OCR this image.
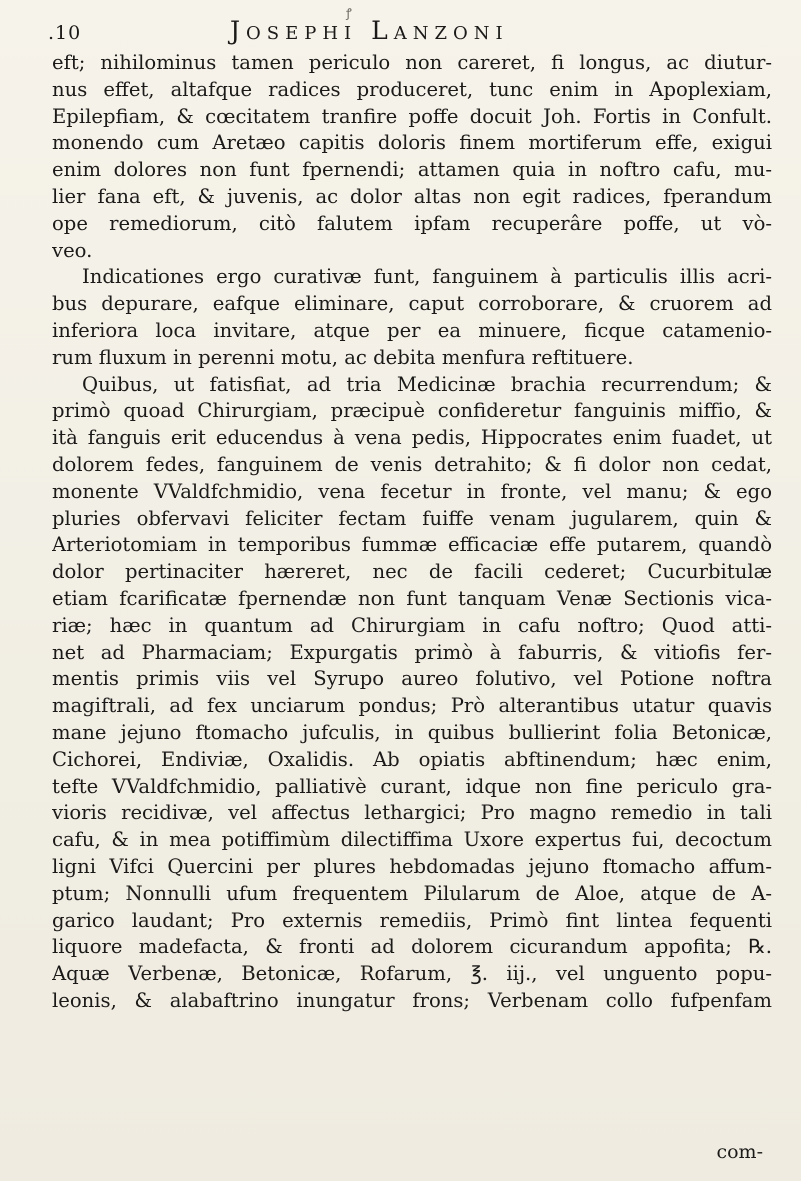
.10
ꝭ
Josephi Lanzoni
eft; nihilominus tamen periculo non careret, fi longus, ac diutur-
nus effet, altafque radices produceret, tunc enim in Apoplexiam,
Epilepfiam, & cœcitatem tranfire poffe docuit Joh. Fortis in Confult.
monendo cum Aretæo capitis doloris finem mortiferum effe, exigui
enim dolores non funt fpernendi; attamen quia in noftro cafu, mu-
lier fana eft, & juvenis, ac dolor altas non egit radices, fperandum
ope remediorum, citò falutem ipfam recuperâre poffe, ut vò-
veo.
Indicationes ergo curativæ funt, fanguinem à particulis illis acri-
bus depurare, eafque eliminare, caput corroborare, & cruorem ad
inferiora loca invitare, atque per ea minuere, ficque catamenio-
rum fluxum in perenni motu, ac debita menfura reftituere.
Quibus, ut fatisfiat, ad tria Medicinæ brachia recurrendum; &
primò quoad Chirurgiam, præcipuè confideretur fanguinis miffio, &
ità fanguis erit educendus à vena pedis, Hippocrates enim fuadet, ut
dolorem fedes, fanguinem de venis detrahito; & fi dolor non cedat,
monente VValdfchmidio, vena fecetur in fronte, vel manu; & ego
pluries obfervavi feliciter fectam fuiffe venam jugularem, quin &
Arteriotomiam in temporibus fummæ efficaciæ effe putarem, quandò
dolor pertinaciter hæreret, nec de facili cederet; Cucurbitulæ
etiam fcarificatæ fpernendæ non funt tanquam Venæ Sectionis vica-
riæ; hæc in quantum ad Chirurgiam in cafu noftro; Quod atti-
net ad Pharmaciam; Expurgatis primò à faburris, & vitiofis fer-
mentis primis viis vel Syrupo aureo folutivo, vel Potione noftra
magiftrali, ad fex unciarum pondus; Prò alterantibus utatur quavis
mane jejuno ftomacho jufculis, in quibus bullierint folia Betonicæ,
Cichorei, Endiviæ, Oxalidis. Ab opiatis abftinendum; hæc enim,
tefte VValdfchmidio, palliativè curant, idque non fine periculo gra-
vioris recidivæ, vel affectus lethargici; Pro magno remedio in tali
cafu, & in mea potiffimùm dilectiffima Uxore expertus fui, decoctum
ligni Vifci Quercini per plures hebdomadas jejuno ftomacho affum-
ptum; Nonnulli ufum frequentem Pilularum de Aloe, atque de A-
garico laudant; Pro externis remediis, Primò fint lintea fequenti
liquore madefacta, & fronti ad dolorem cicurandum appofita; ℞.
Aquæ Verbenæ, Betonicæ, Rofarum, ℥. iij., vel unguento popu-
leonis, & alabaftrino inungatur frons; Verbenam collo fufpenfam
com-
